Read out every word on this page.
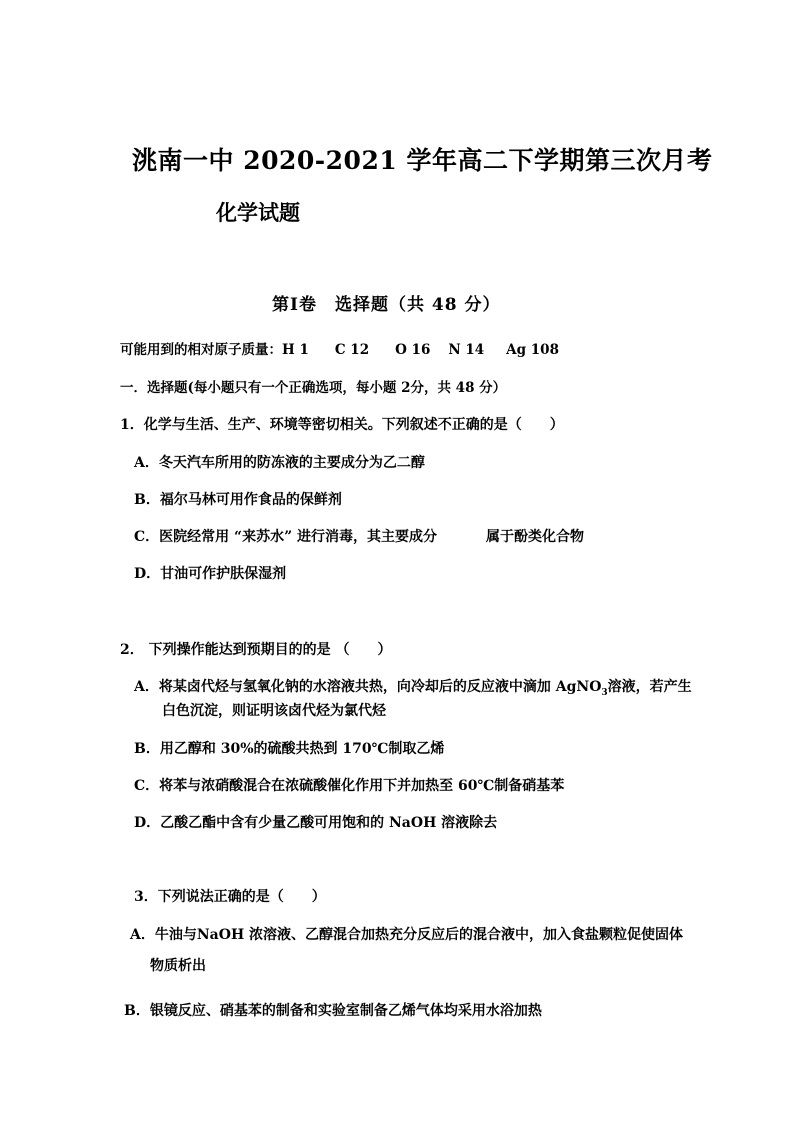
洮南一中 2020-2021 学年高二下学期第三次月考
化学试题
第Ⅰ卷　选择题（共 48 分）
可能用到的相对原子质量：H 1 C 12 O 16 N 14 Ag 108
一．选择题(每小题只有一个正确选项，每小题 2分，共 48 分）
1．化学与生活、生产、环境等密切相关。下列叙述不正确的是（　　）
A．冬天汽车所用的防冻液的主要成分为乙二醇
B．福尔马林可用作食品的保鲜剂
C．医院经常用 “来苏水” 进行消毒，其主要成分	属于酚类化合物
D．甘油可作护肤保湿剂
2． 下列操作能达到预期目的的是 （　　）
A．将某卤代烃与氢氧化钠的水溶液共热，向冷却后的反应液中滴加 AgNO$_3$溶液，若产生
白色沉淀，则证明该卤代烃为氯代烃
B．用乙醇和 30%的硫酸共热到 170℃制取乙烯
C．将苯与浓硝酸混合在浓硫酸催化作用下并加热至 60℃制备硝基苯
D．乙酸乙酯中含有少量乙酸可用饱和的 NaOH 溶液除去
3．下列说法正确的是（　　）
A．牛油与NaOH 浓溶液、乙醇混合加热充分反应后的混合液中，加入食盐颗粒促使固体
物质析出
B．银镜反应、硝基苯的制备和实验室制备乙烯气体均采用水浴加热
